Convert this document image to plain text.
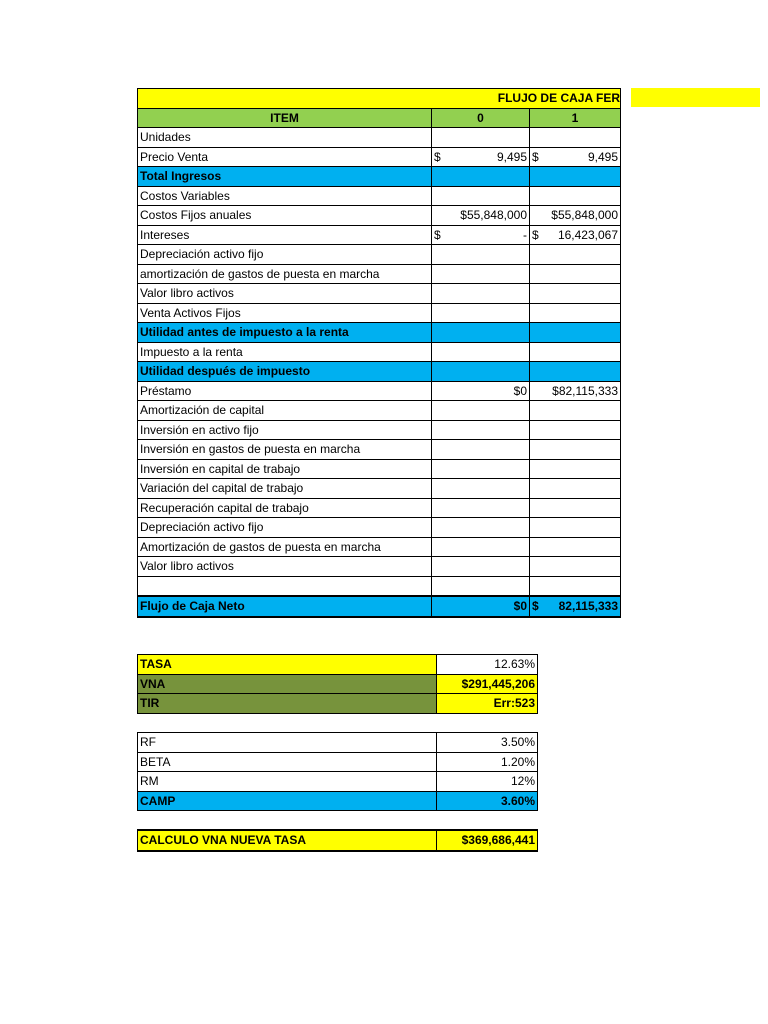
FLUJO DE CAJA FER		
ITEM	0	1
Unidades		
Precio Venta	$ 9,495	$ 9,495

Total Ingresos		
Costos Variables		
Costos Fijos anuales	$55,848,000	$55,848,000
Intereses	$ -	$ 16,423,067

Depreciación activo fijo		
amortización de gastos de puesta en marcha		
Valor libro activos		
Venta Activos Fijos		
Utilidad antes de impuesto a la renta		
Impuesto a la renta		
Utilidad después de impuesto		
Préstamo	$0	$82,115,333
Amortización de capital		
Inversión en activo fijo		
Inversión en gastos de puesta en marcha		
Inversión en capital de trabajo		
Variación del capital de trabajo		
Recuperación capital de trabajo		
Depreciación activo fijo		
Amortización de gastos de puesta en marcha		
Valor libro activos		

Flujo de Caja Neto	$0	$ 82,115,333
TASA	12.63%
VNA	$291,445,206
TIR	Err:523
RF	3.50%
BETA	1.20%
RM	12%
CAMP	3.60%
CALCULO VNA NUEVA TASA	$369,686,441
